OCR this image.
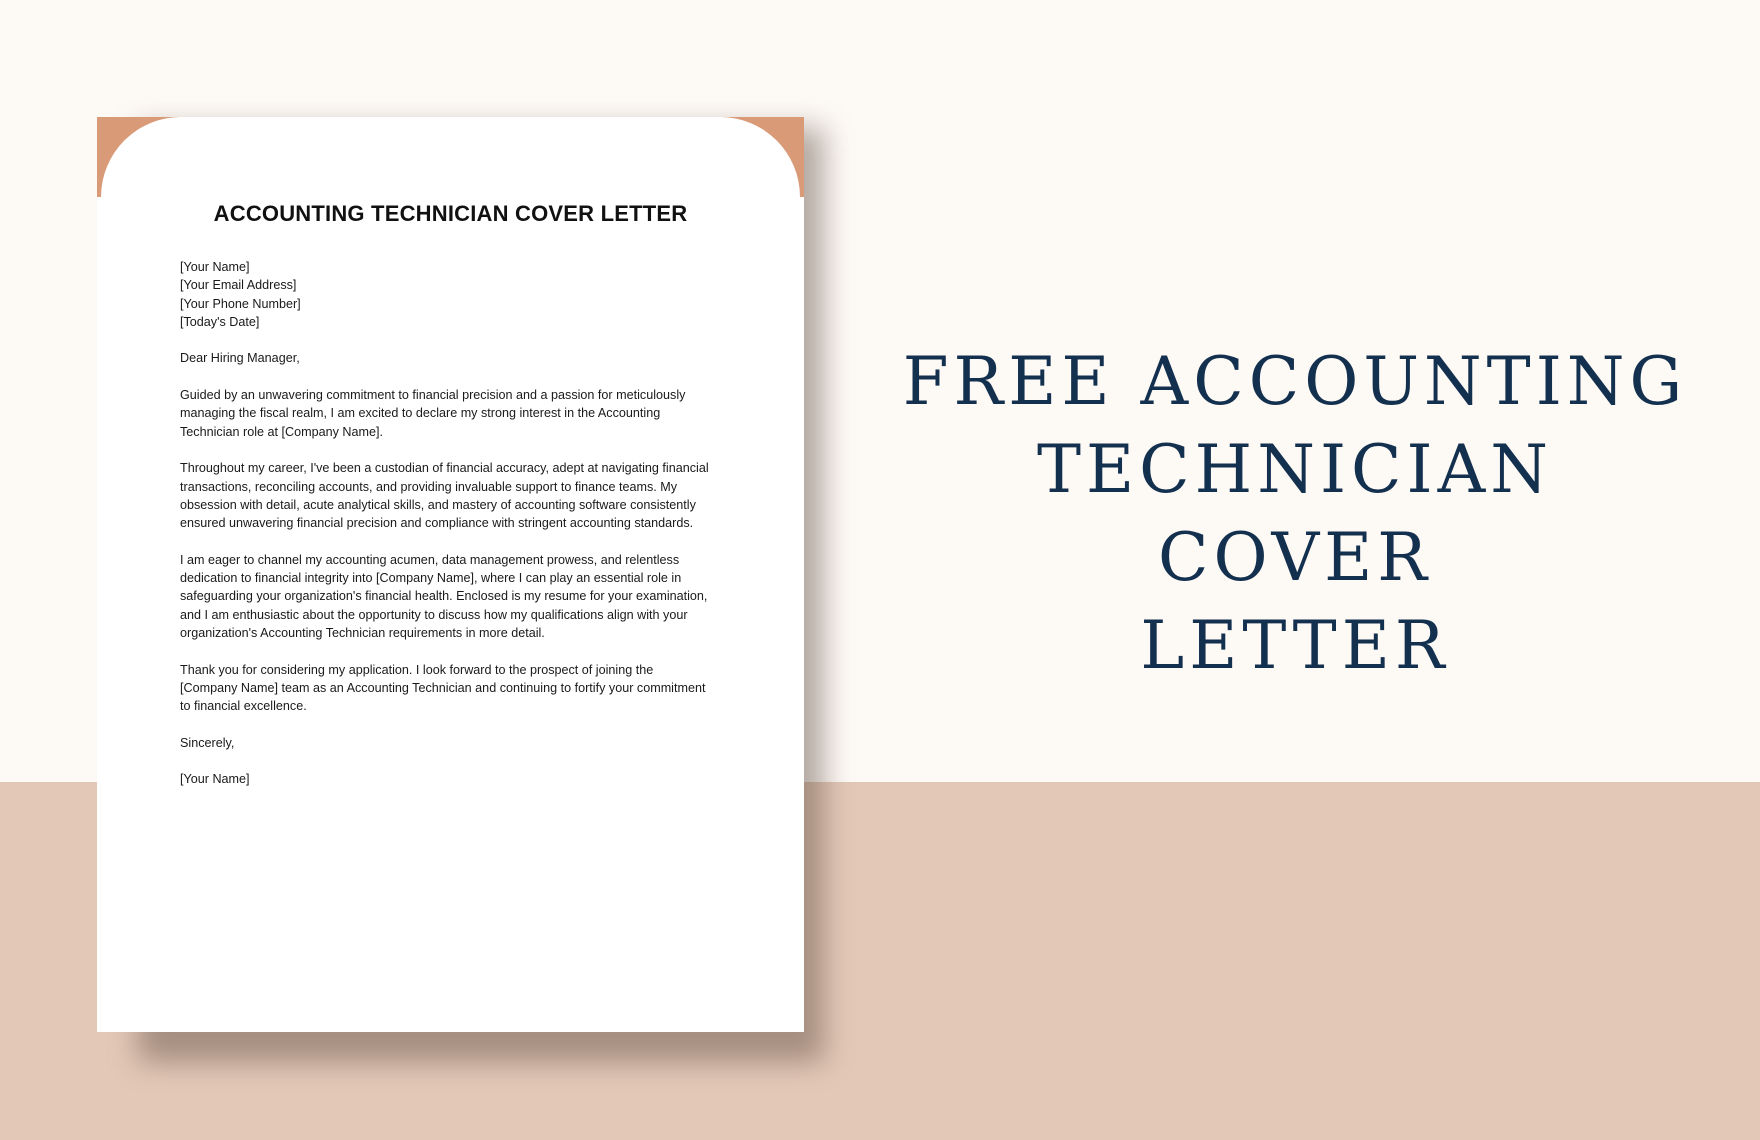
ACCOUNTING TECHNICIAN COVER LETTER

[Your Name]
[Your Email Address]
[Your Phone Number]
[Today's Date]

Dear Hiring Manager,

Guided by an unwavering commitment to financial precision and a passion for meticulously
managing the fiscal realm, I am excited to declare my strong interest in the Accounting
Technician role at [Company Name].

Throughout my career, I've been a custodian of financial accuracy, adept at navigating financial
transactions, reconciling accounts, and providing invaluable support to finance teams. My
obsession with detail, acute analytical skills, and mastery of accounting software consistently
ensured unwavering financial precision and compliance with stringent accounting standards.

I am eager to channel my accounting acumen, data management prowess, and relentless
dedication to financial integrity into [Company Name], where I can play an essential role in
safeguarding your organization's financial health. Enclosed is my resume for your examination,
and I am enthusiastic about the opportunity to discuss how my qualifications align with your
organization's Accounting Technician requirements in more detail.

Thank you for considering my application. I look forward to the prospect of joining the
[Company Name] team as an Accounting Technician and continuing to fortify your commitment
to financial excellence.

Sincerely,

[Your Name]

FREE ACCOUNTING
TECHNICIAN COVER
LETTER
